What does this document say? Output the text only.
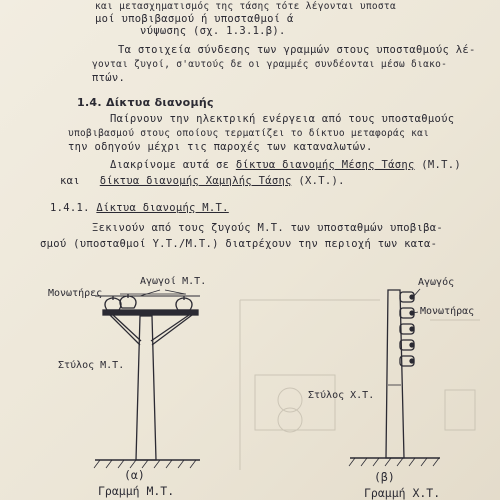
και μετασχηματισμός της τάσης τότε λέγονται υποστα
μοί υποβιβασμού ή υποσταθμοί ά
νύψωσης (σχ. 1.3.1.β).
Τα στοιχεία σύνδεσης των γραμμών στους υποσταθμούς λέ-
γονται ζυγοί, σ'αυτούς δε οι γραμμές συνδέονται μέσω διακο-
πτών.
1.4. Δίκτυα διανομής
Παίρνουν την ηλεκτρική ενέργεια από τους υποσταθμούς
υποβιβασμού στους οποίους τερματίζει το δίκτυο μεταφοράς και
την οδηγούν μέχρι τις παροχές των καταναλωτών.
Διακρίνομε αυτά σε δίκτυα διανομής Μέσης Τάσης (Μ.Τ.)
και δίκτυα διανομής Χαμηλής Τάσης (Χ.Τ.).
1.4.1. Δίκτυα διανομής Μ.Τ.
Ξεκινούν από τους ζυγούς Μ.Τ. των υποσταθμών υποβιβα-
σμού (υποσταθμοί Υ.Τ./Μ.Τ.) διατρέχουν την περιοχή των κατα-
Αγωγοί Μ.Τ.
Μονωτήρες
Στύλος Μ.Τ.
(α)
Γραμμή Μ.Τ.
Αγωγός
Μονωτήρας
Στύλος Χ.Τ.
(β)
Γραμμή Χ.Τ.
